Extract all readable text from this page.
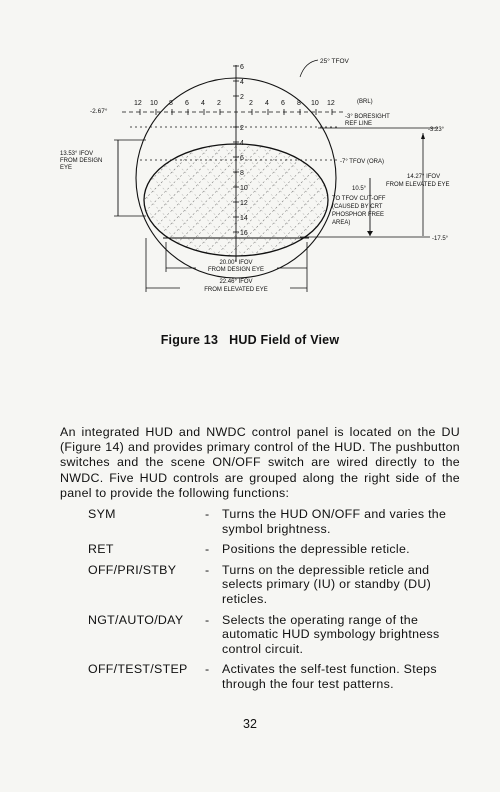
12 10 8 6 4 2	2 4 6 8 10 12
6
4
2
2
4
6
8
10
12
14
16
25° TFOV
-2.67°
13.53° IFOV
FROM DESIGN
EYE
(BRL)
-3° BORESIGHT
REF LINE
-3.23°
-7° TFOV (ORA)
14.27° IFOV
FROM ELEVATED EYE
10.5°
TO TFOV CUT-OFF
(CAUSED BY CRT
PHOSPHOR FREE
AREA)
-17.5°
20.00° IFOV
FROM DESIGN EYE
22.46° IFOV
FROM ELEVATED EYE
Figure 13 HUD Field of View
An integrated HUD and NWDC control panel is located on the DU (Figure 14) and provides primary control of the HUD. The pushbutton switches and the scene ON/OFF switch are wired directly to the NWDC. Five HUD controls are grouped along the right side of the panel to provide the following functions:
SYM	- Turns the HUD ON/OFF and varies the symbol brightness.
RET	- Positions the depressible reticle.
OFF/PRI/STBY - Turns on the depressible reticle and selects primary (IU) or standby (DU) reticles.
NGT/AUTO/DAY - Selects the operating range of the automatic HUD symbology brightness control circuit.
OFF/TEST/STEP - Activates the self-test function. Steps through the four test patterns.
32
